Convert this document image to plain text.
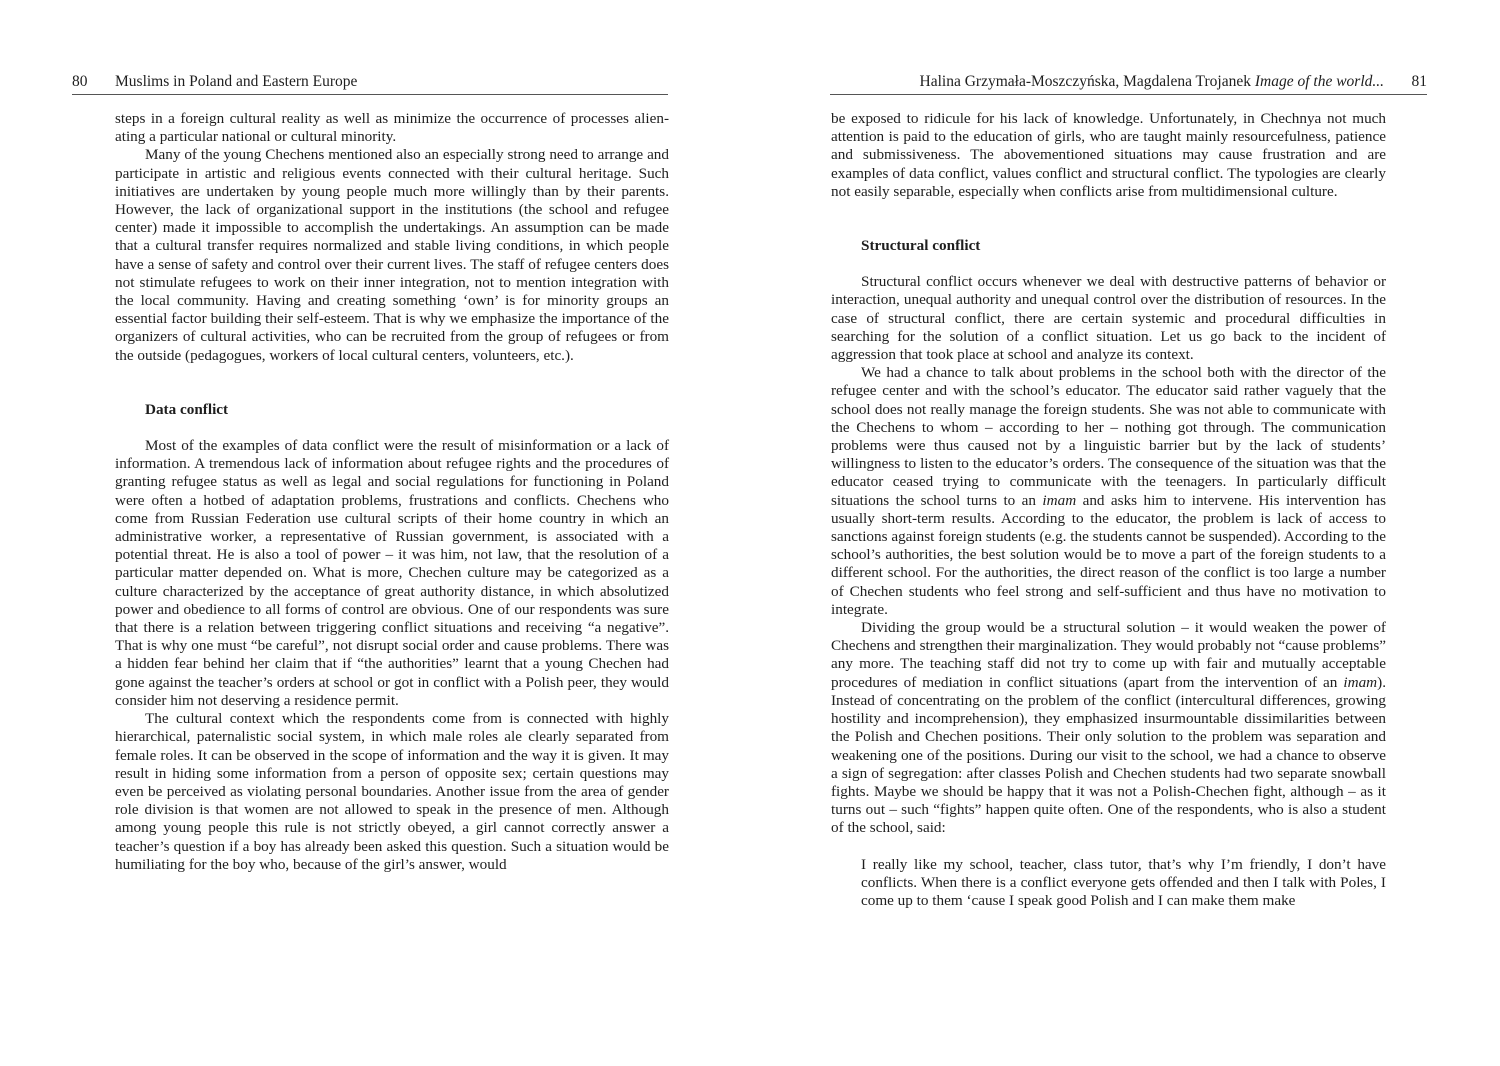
80 Muslims in Poland and Eastern Europe

steps in a foreign cultural reality as well as minimize the occurrence of processes alienating a particular national or cultural minority.

Many of the young Chechens mentioned also an especially strong need to arrange and participate in artistic and religious events connected with their cultural heritage. Such initiatives are undertaken by young people much more willingly than by their parents. However, the lack of organizational support in the institutions (the school and refugee center) made it impossible to accomplish the undertakings. An assumption can be made that a cultural transfer requires normalized and stable living conditions, in which people have a sense of safety and control over their current lives. The staff of refugee centers does not stimulate refugees to work on their inner integration, not to mention integration with the local community. Having and creating something ‘own’ is for minority groups an essential factor building their self-esteem. That is why we emphasize the importance of the organizers of cultural activities, who can be recruited from the group of refugees or from the outside (pedagogues, workers of local cultural centers, volunteers, etc.).

Data conflict

Most of the examples of data conflict were the result of misinformation or a lack of information. A tremendous lack of information about refugee rights and the procedures of granting refugee status as well as legal and social regulations for functioning in Poland were often a hotbed of adaptation problems, frustrations and conflicts. Chechens who come from Russian Federation use cultural scripts of their home country in which an administrative worker, a representative of Russian government, is associated with a potential threat. He is also a tool of power – it was him, not law, that the resolution of a particular matter depended on. What is more, Chechen culture may be categorized as a culture characterized by the acceptance of great authority distance, in which absolutized power and obedience to all forms of control are obvious. One of our respondents was sure that there is a relation between triggering conflict situations and receiving “a negative”. That is why one must “be careful”, not disrupt social order and cause problems. There was a hidden fear behind her claim that if “the authorities” learnt that a young Chechen had gone against the teacher’s orders at school or got in conflict with a Polish peer, they would consider him not deserving a residence permit.

The cultural context which the respondents come from is connected with highly hierarchical, paternalistic social system, in which male roles ale clearly separated from female roles. It can be observed in the scope of information and the way it is given. It may result in hiding some information from a person of opposite sex; certain questions may even be perceived as violating personal boundaries. Another issue from the area of gender role division is that women are not allowed to speak in the presence of men. Although among young people this rule is not strictly obeyed, a girl cannot correctly answer a teacher’s question if a boy has already been asked this question. Such a situation would be humiliating for the boy who, because of the girl’s answer, would

Halina Grzymała-Moszczyńska, Magdalena Trojanek Image of the world... 81

be exposed to ridicule for his lack of knowledge. Unfortunately, in Chechnya not much attention is paid to the education of girls, who are taught mainly resourcefulness, patience and submissiveness. The abovementioned situations may cause frustration and are examples of data conflict, values conflict and structural conflict. The typologies are clearly not easily separable, especially when conflicts arise from multidimensional culture.

Structural conflict

Structural conflict occurs whenever we deal with destructive patterns of behavior or interaction, unequal authority and unequal control over the distribution of resources. In the case of structural conflict, there are certain systemic and procedural difficulties in searching for the solution of a conflict situation. Let us go back to the incident of aggression that took place at school and analyze its context.

We had a chance to talk about problems in the school both with the director of the refugee center and with the school’s educator. The educator said rather vaguely that the school does not really manage the foreign students. She was not able to communicate with the Chechens to whom – according to her – nothing got through. The communication problems were thus caused not by a linguistic barrier but by the lack of students’ willingness to listen to the educator’s orders. The consequence of the situation was that the educator ceased trying to communicate with the teenagers. In particularly difficult situations the school turns to an imam and asks him to intervene. His intervention has usually short-term results. According to the educator, the problem is lack of access to sanctions against foreign students (e.g. the students cannot be suspended). According to the school’s authorities, the best solution would be to move a part of the foreign students to a different school. For the authorities, the direct reason of the conflict is too large a number of Chechen students who feel strong and self-sufficient and thus have no motivation to integrate.

Dividing the group would be a structural solution – it would weaken the power of Chechens and strengthen their marginalization. They would probably not “cause problems” any more. The teaching staff did not try to come up with fair and mutually acceptable procedures of mediation in conflict situations (apart from the intervention of an imam). Instead of concentrating on the problem of the conflict (intercultural differences, growing hostility and incomprehension), they emphasized insurmountable dissimilarities between the Polish and Chechen positions. Their only solution to the problem was separation and weakening one of the positions. During our visit to the school, we had a chance to observe a sign of segregation: after classes Polish and Chechen students had two separate snowball fights. Maybe we should be happy that it was not a Polish-Chechen fight, although – as it turns out – such “fights” happen quite often. One of the respondents, who is also a student of the school, said:

I really like my school, teacher, class tutor, that’s why I’m friendly, I don’t have conflicts. When there is a conflict everyone gets offended and then I talk with Poles, I come up to them ‘cause I speak good Polish and I can make them make
